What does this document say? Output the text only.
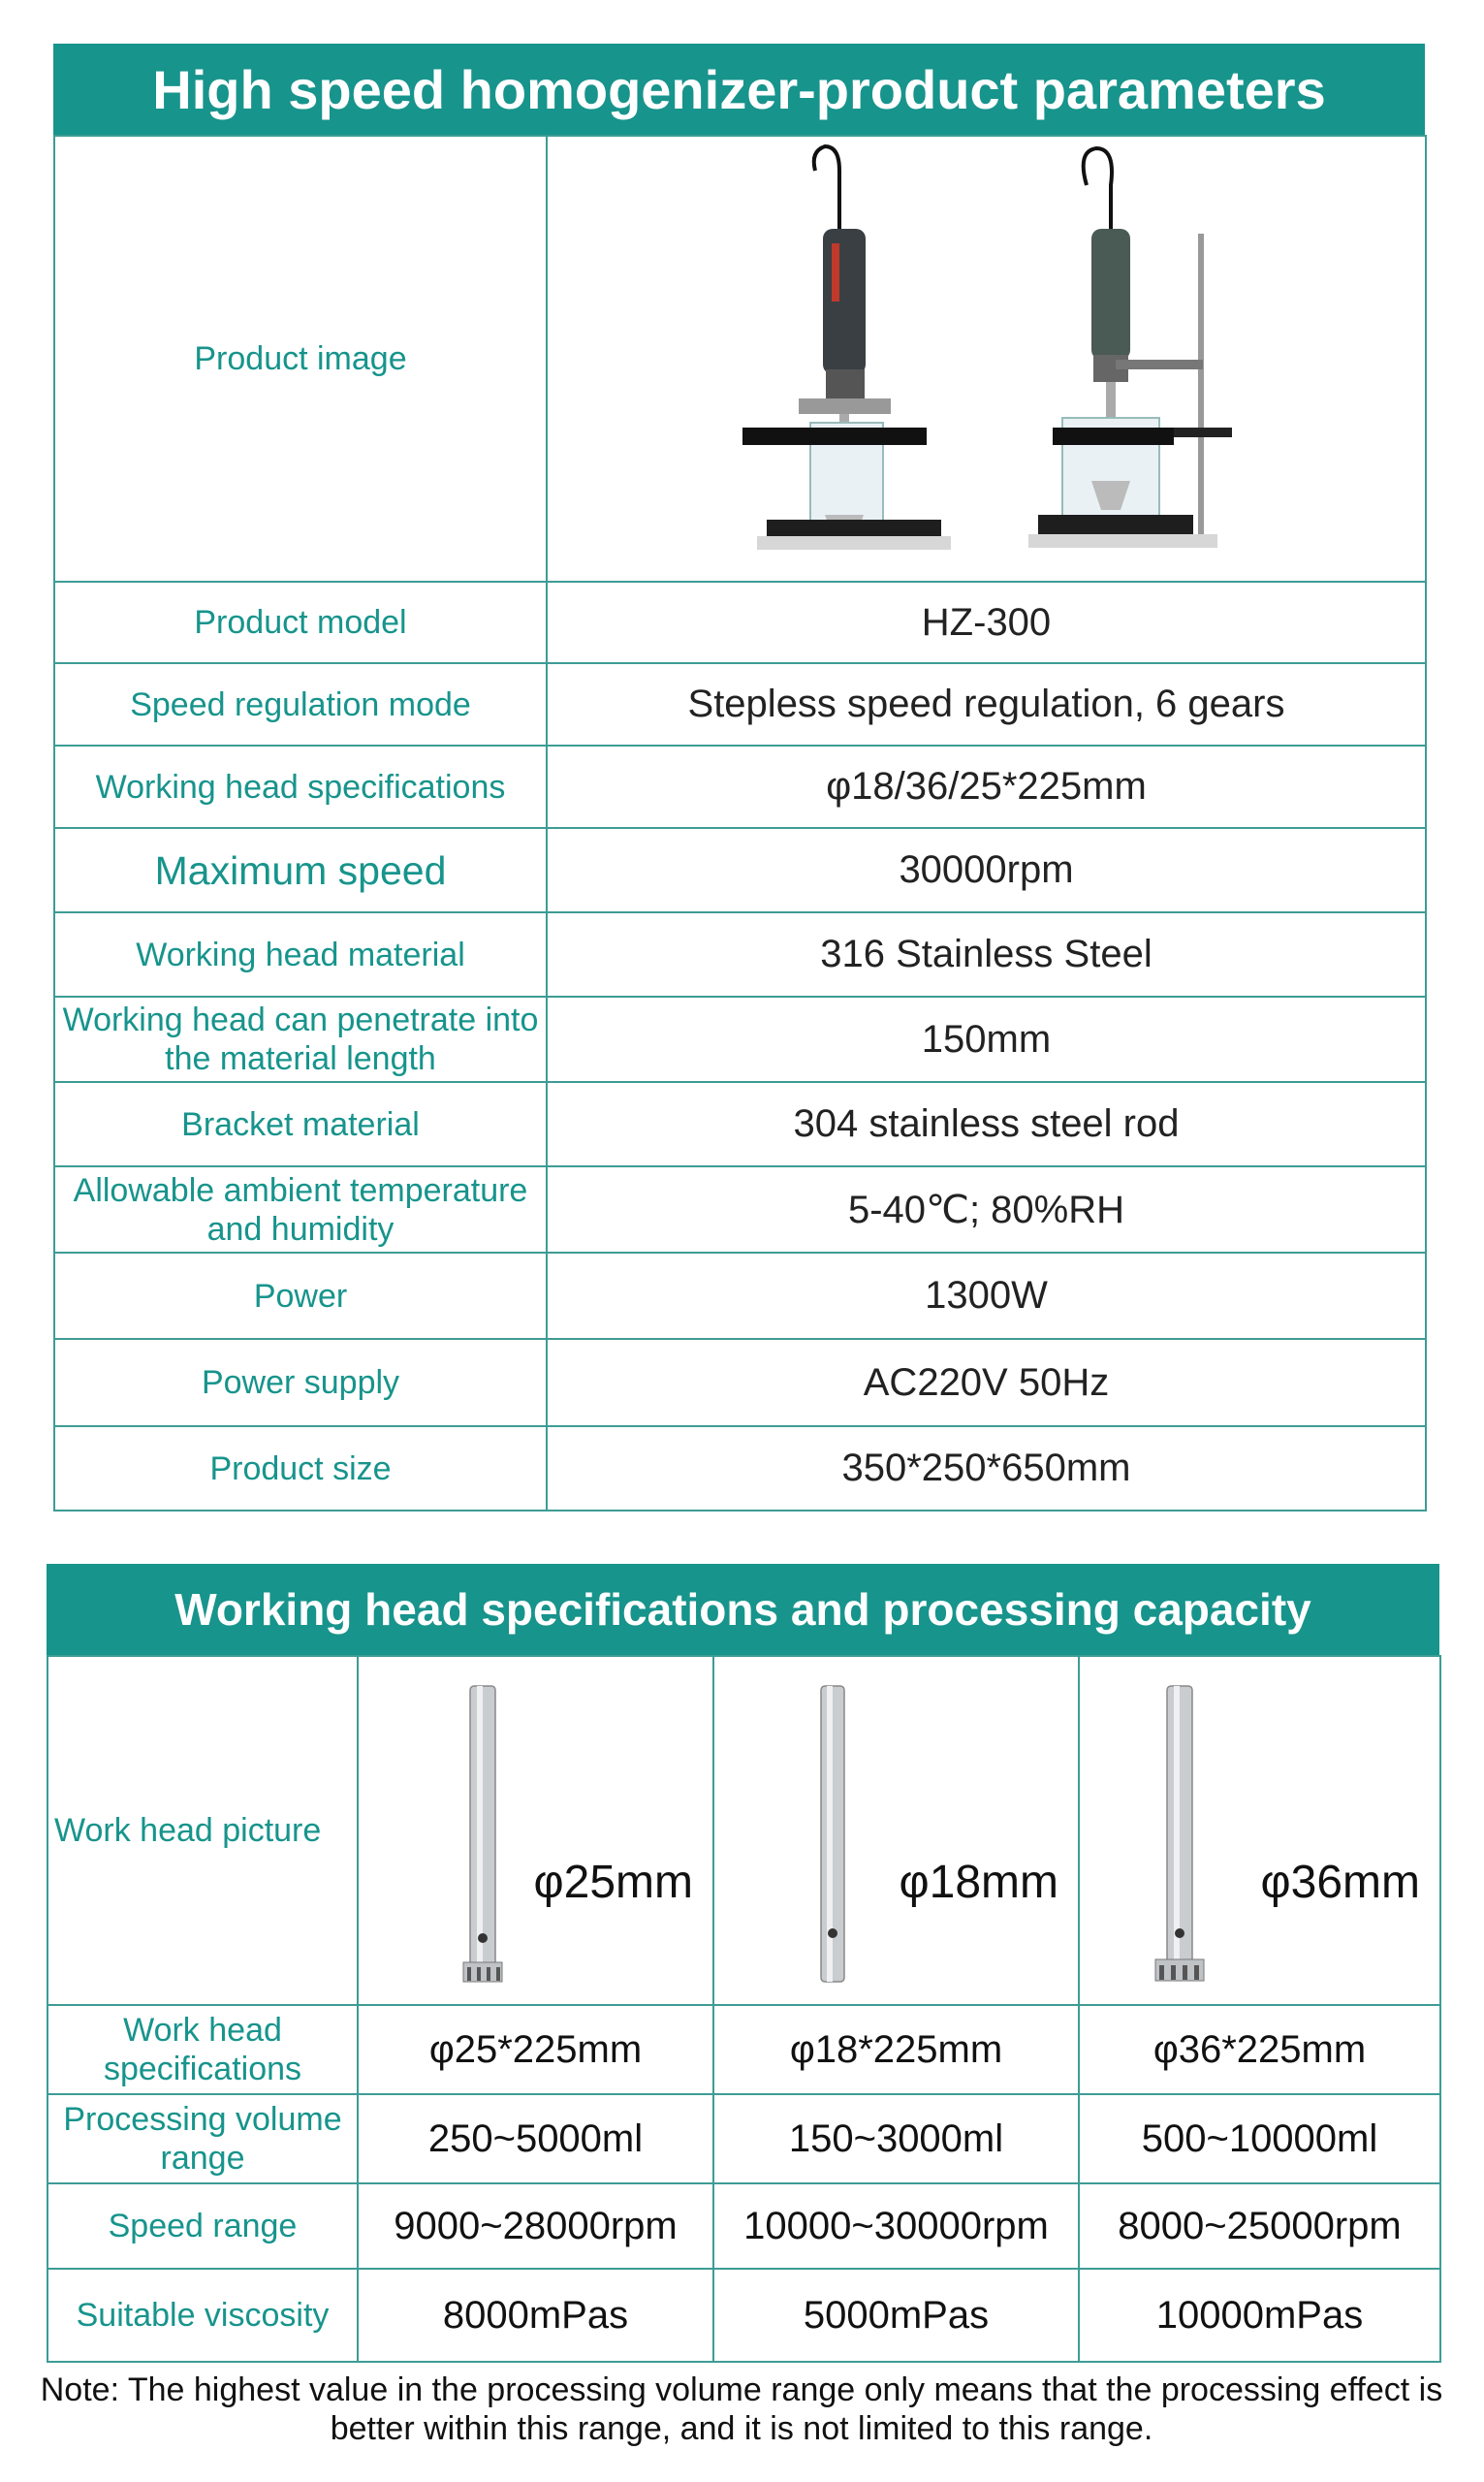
High speed homogenizer-product parameters
Product image	
Product model	HZ-300
Speed regulation mode	Stepless speed regulation, 6 gears
Working head specifications	φ18/36/25*225mm
Maximum speed	30000rpm
Working head material	316 Stainless Steel
Working head can penetrate into the material length	150mm
Bracket material	304 stainless steel rod
Allowable ambient temperature and humidity	5-40℃; 80%RH
Power	1300W
Power supply	AC220V 50Hz
Product size	350*250*650mm
Working head specifications and processing capacity
Work head picture	φ25mm	φ18mm	φ36mm

Work head specifications	φ25*225mm	φ18*225mm	φ36*225mm
Processing volume range	250~5000ml	150~3000ml	500~10000ml
Speed range	9000~28000rpm	10000~30000rpm	8000~25000rpm
Suitable viscosity	8000mPas	5000mPas	10000mPas
Note: The highest value in the processing volume range only means that the processing effect is better within this range, and it is not limited to this range.
